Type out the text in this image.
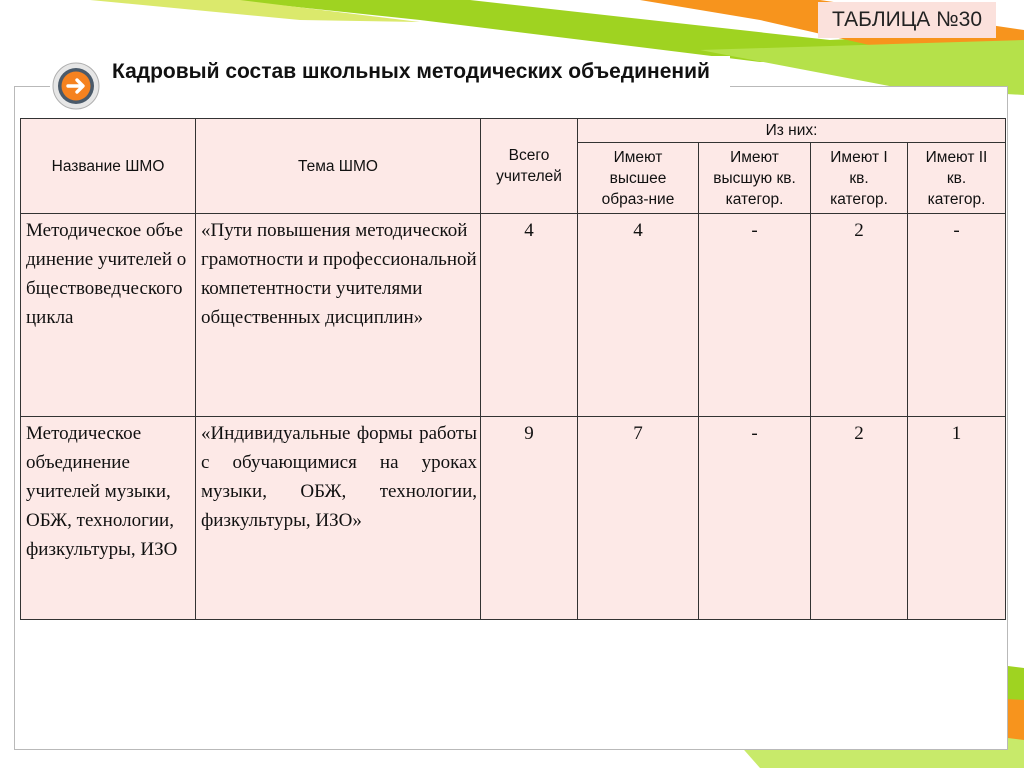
ТАБЛИЦА №30
Кадровый состав школьных методических объединений
Название ШМО	Тема ШМО	Всего учителей	Из них:			
			Имеют высшее образ-ние	Имеют высшую кв. категор.	Имеют I кв. категор.	Имеют II кв. категор.
Методическое объединение учителей обществоведческого цикла	«Пути повышения методической грамотности и профессиональной компетентности учителями общественных дисциплин»	4	4	-	2	-
Методическое объединение учителей музыки, ОБЖ, технологии, физкультуры, ИЗО	«Индивидуальные формы работы с обучающимися на уроках музыки, ОБЖ, технологии, физкультуры, ИЗО»	9	7	-	2	1
